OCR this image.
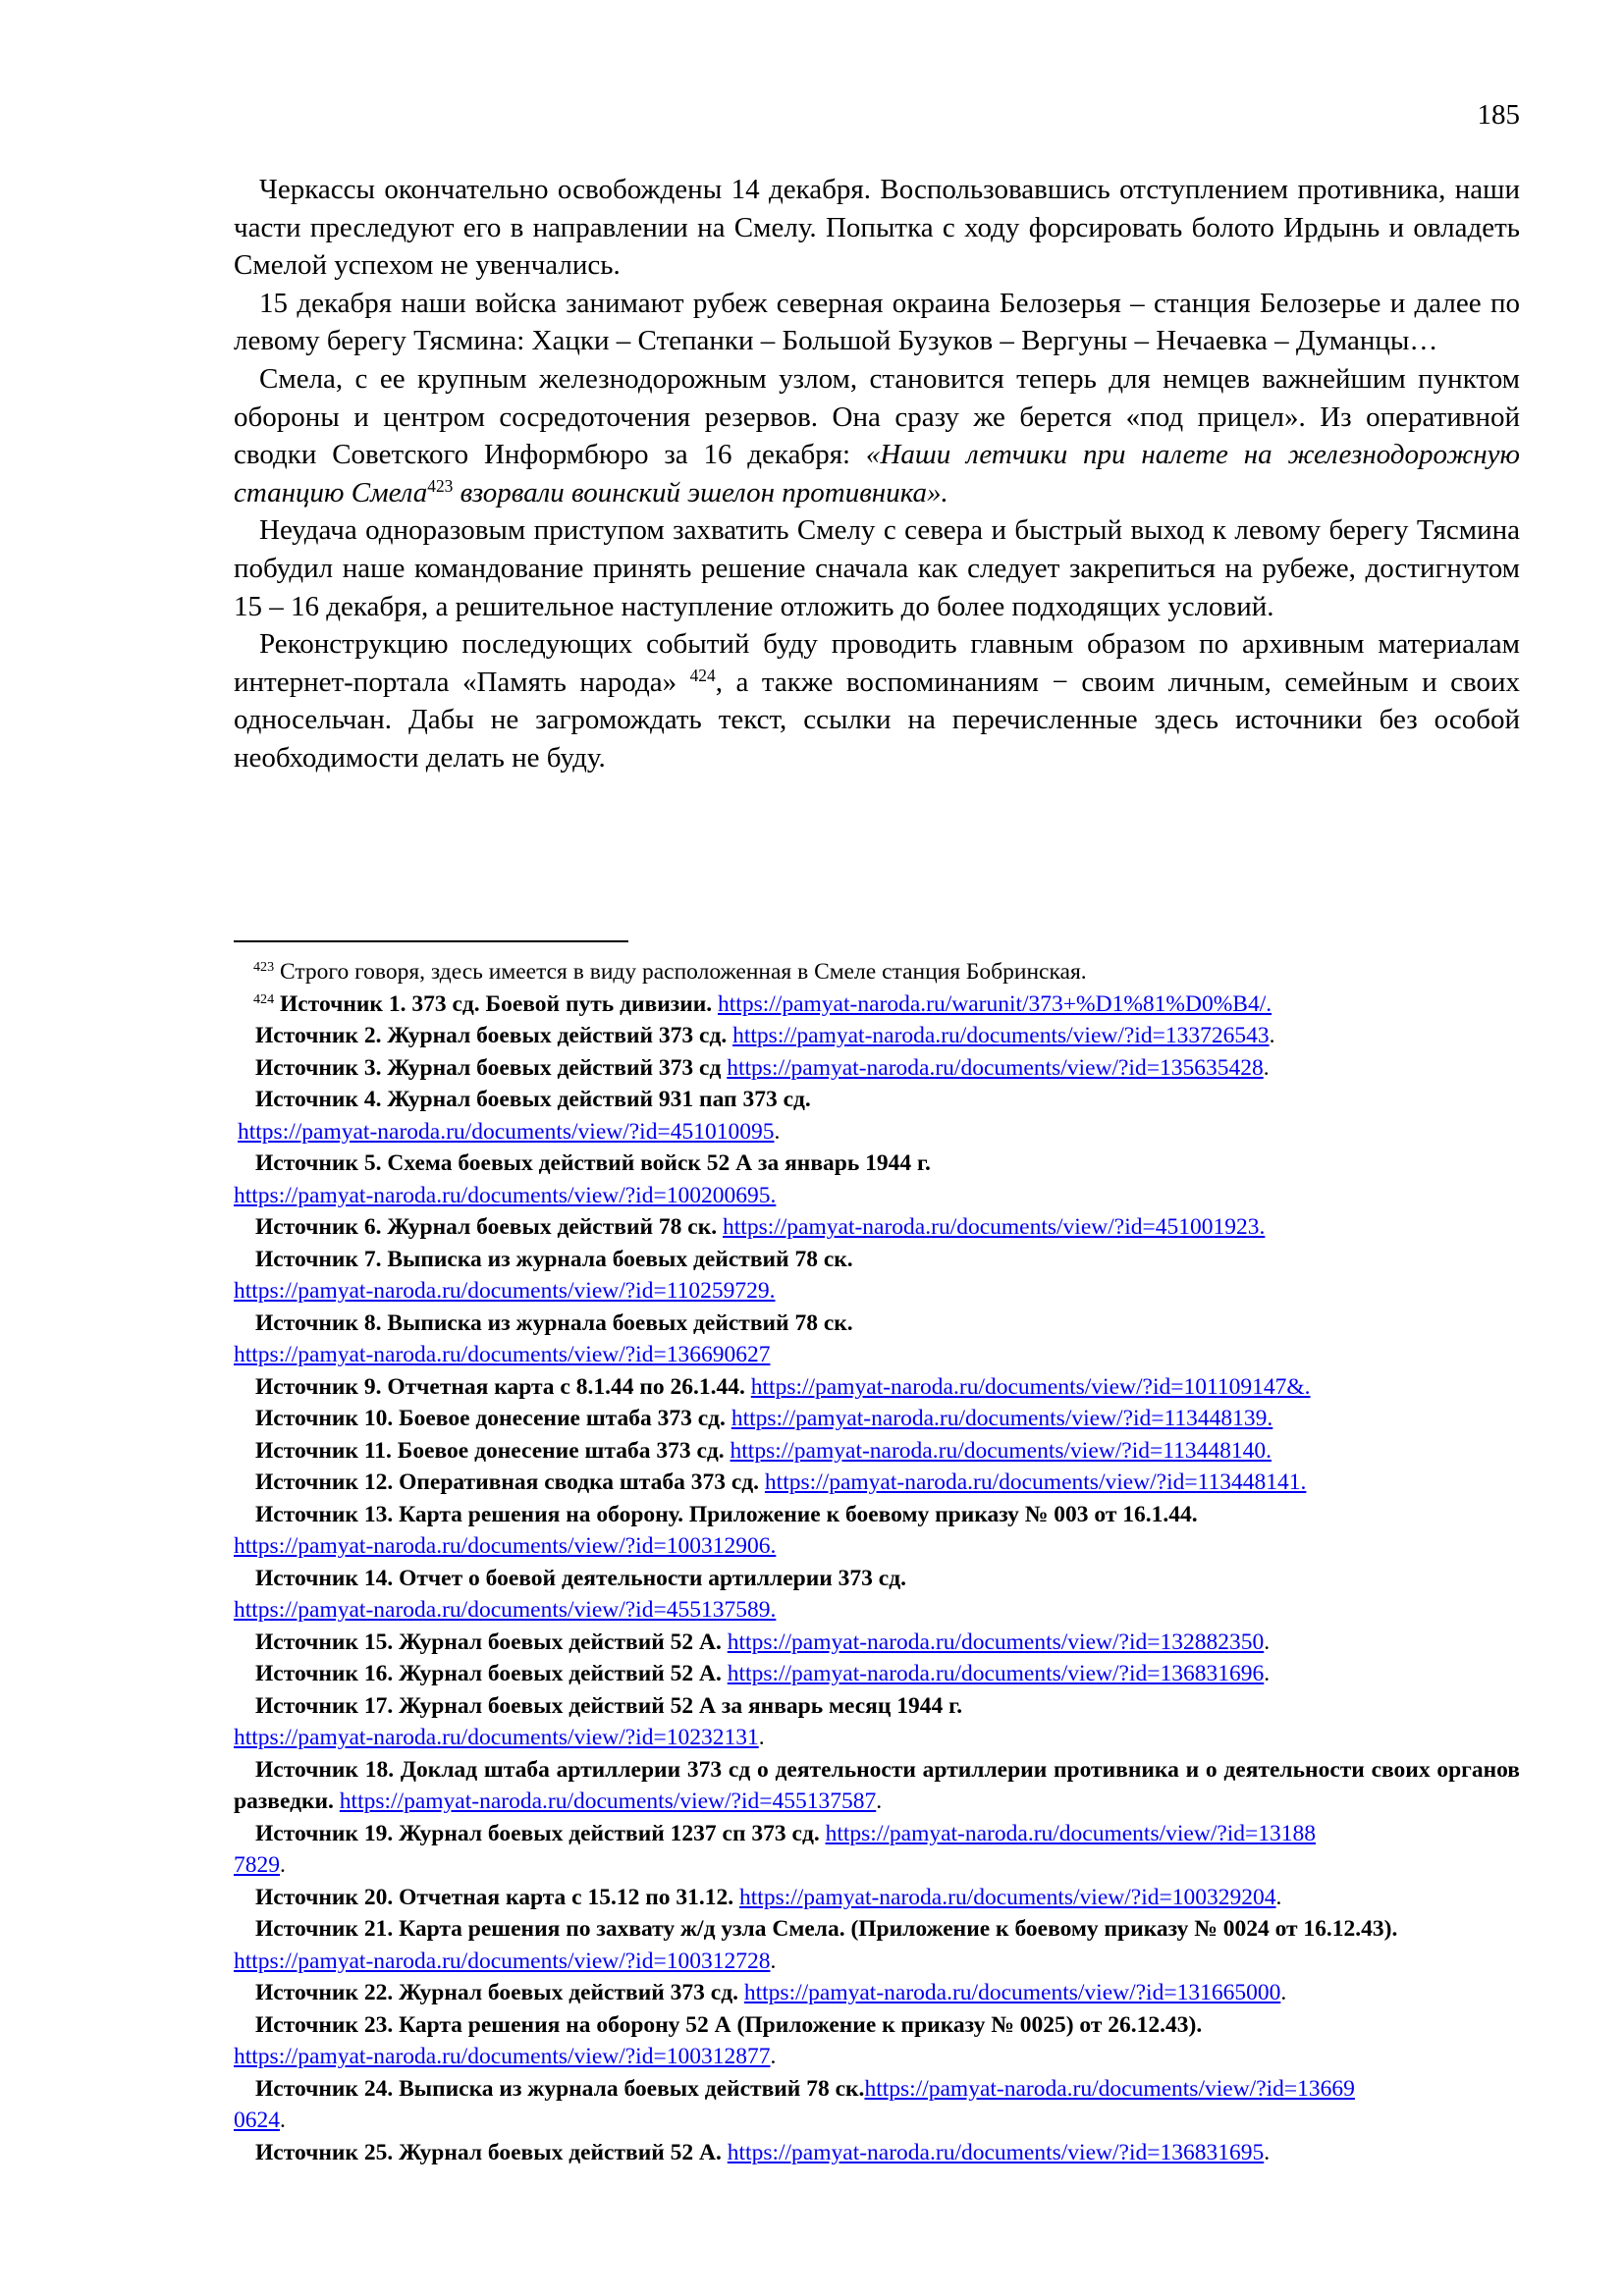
185

Черкассы окончательно освобождены 14 декабря. Воспользовавшись отступлением противника, наши части преследуют его в направлении на Смелу. Попытка с ходу форсировать болото Ирдынь и овладеть Смелой успехом не увенчались.

15 декабря наши войска занимают рубеж северная окраина Белозерья – станция Белозерье и далее по левому берегу Тясмина: Хацки – Степанки – Большой Бузуков – Вергуны – Нечаевка – Думанцы…

Смела, с ее крупным железнодорожным узлом, становится теперь для немцев важнейшим пунктом обороны и центром сосредоточения резервов. Она сразу же берется «под прицел». Из оперативной сводки Советского Информбюро за 16 декабря: «Наши летчики при налете на железнодорожную станцию Смела$^{423}$ взорвали воинский эшелон противника».

Неудача одноразовым приступом захватить Смелу с севера и быстрый выход к левому берегу Тясмина побудил наше командование принять решение сначала как следует закрепиться на рубеже, достигнутом 15 – 16 декабря, а решительное наступление отложить до более подходящих условий.

Реконструкцию последующих событий буду проводить главным образом по архивным материалам интернет-портала «Память народа» $^{424}$, а также воспоминаниям − своим личным, семейным и своих односельчан. Дабы не загромождать текст, ссылки на перечисленные здесь источники без особой необходимости делать не буду.

$^{423}$ Строго говоря, здесь имеется в виду расположенная в Смеле станция Бобринская.

$^{424}$ Источник 1. 373 сд. Боевой путь дивизии. https://pamyat-naroda.ru/warunit/373+%D1%81%D0%B4/.

Источник 2. Журнал боевых действий 373 сд. https://pamyat-naroda.ru/documents/view/?id=133726543.

Источник 3. Журнал боевых действий 373 сд https://pamyat-naroda.ru/documents/view/?id=135635428.

Источник 4. Журнал боевых действий 931 пап 373 сд.

https://pamyat-naroda.ru/documents/view/?id=451010095.

Источник 5. Схема боевых действий войск 52 А за январь 1944 г.

https://pamyat-naroda.ru/documents/view/?id=100200695.

Источник 6. Журнал боевых действий 78 ск. https://pamyat-naroda.ru/documents/view/?id=451001923.

Источник 7. Выписка из журнала боевых действий 78 ск.

https://pamyat-naroda.ru/documents/view/?id=110259729.

Источник 8. Выписка из журнала боевых действий 78 ск.

https://pamyat-naroda.ru/documents/view/?id=136690627

Источник 9. Отчетная карта с 8.1.44 по 26.1.44. https://pamyat-naroda.ru/documents/view/?id=101109147&.

Источник 10. Боевое донесение штаба 373 сд. https://pamyat-naroda.ru/documents/view/?id=113448139.

Источник 11. Боевое донесение штаба 373 сд. https://pamyat-naroda.ru/documents/view/?id=113448140.

Источник 12. Оперативная сводка штаба 373 сд. https://pamyat-naroda.ru/documents/view/?id=113448141.

Источник 13. Карта решения на оборону. Приложение к боевому приказу № 003 от 16.1.44.

https://pamyat-naroda.ru/documents/view/?id=100312906.

Источник 14. Отчет о боевой деятельности артиллерии 373 сд.

https://pamyat-naroda.ru/documents/view/?id=455137589.

Источник 15. Журнал боевых действий 52 А. https://pamyat-naroda.ru/documents/view/?id=132882350.

Источник 16. Журнал боевых действий 52 А. https://pamyat-naroda.ru/documents/view/?id=136831696.

Источник 17. Журнал боевых действий 52 А за январь месяц 1944 г.

https://pamyat-naroda.ru/documents/view/?id=10232131.

Источник 18. Доклад штаба артиллерии 373 сд о деятельности артиллерии противника и о деятельности своих органов разведки. https://pamyat-naroda.ru/documents/view/?id=455137587.

Источник 19. Журнал боевых действий 1237 сп 373 сд. https://pamyat-naroda.ru/documents/view/?id=131887829.

Источник 20. Отчетная карта с 15.12 по 31.12. https://pamyat-naroda.ru/documents/view/?id=100329204.

Источник 21. Карта решения по захвату ж/д узла Смела. (Приложение к боевому приказу № 0024 от 16.12.43). https://pamyat-naroda.ru/documents/view/?id=100312728.

Источник 22. Журнал боевых действий 373 сд. https://pamyat-naroda.ru/documents/view/?id=131665000.

Источник 23. Карта решения на оборону 52 А (Приложение к приказу № 0025) от 26.12.43).

https://pamyat-naroda.ru/documents/view/?id=100312877.

Источник 24. Выписка из журнала боевых действий 78 ск.https://pamyat-naroda.ru/documents/view/?id=136690624.

Источник 25. Журнал боевых действий 52 А. https://pamyat-naroda.ru/documents/view/?id=136831695.
